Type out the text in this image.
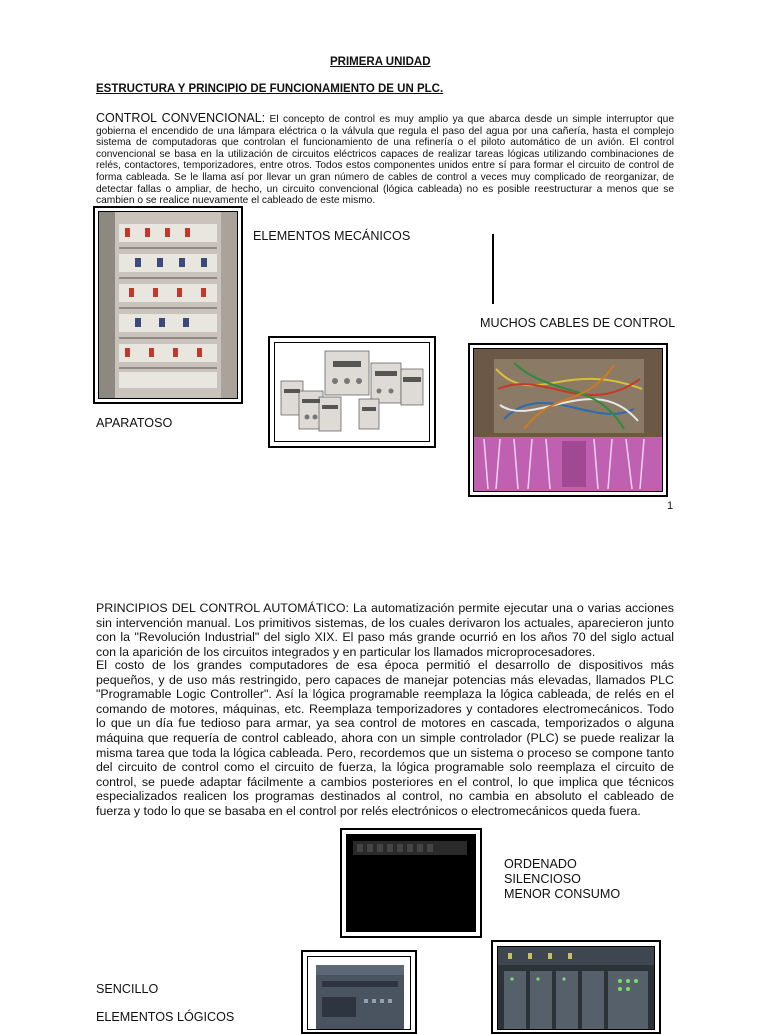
PRIMERA UNIDAD
ESTRUCTURA Y PRINCIPIO DE FUNCIONAMIENTO DE UN PLC.
CONTROL CONVENCIONAL: El concepto de control es muy amplio ya que abarca desde un simple interruptor que gobierna el encendido de una lámpara eléctrica o la válvula que regula el paso del agua por una cañería, hasta el complejo sistema de computadoras que controlan el funcionamiento de una refinería o el piloto automático de un avión. El control convencional se basa en la utilización de circuitos eléctricos capaces de realizar tareas lógicas utilizando combinaciones de relés, contactores, temporizadores, entre otros. Todos estos componentes unidos entre sí para formar el circuito de control de forma cableada. Se le llama así por llevar un gran número de cables de control a veces muy complicado de reorganizar, de detectar fallas o ampliar, de hecho, un circuito convencional (lógica cableada) no es posible reestructurar a menos que se cambien o se realice nuevamente el cableado de este mismo.
ELEMENTOS MECÁNICOS
MUCHOS CABLES DE CONTROL
APARATOSO
1
PRINCIPIOS DEL CONTROL AUTOMÁTICO: La automatización permite ejecutar una o varias acciones sin intervención manual. Los primitivos sistemas, de los cuales derivaron los actuales, aparecieron junto con la "Revolución Industrial" del siglo XIX. El paso más grande ocurrió en los años 70 del siglo actual con la aparición de los circuitos integrados y en particular los llamados microprocesadores.
El costo de los grandes computadores de esa época permitió el desarrollo de dispositivos más pequeños, y de uso más restringido, pero capaces de manejar potencias más elevadas, llamados PLC "Programable Logic Controller". Así la lógica programable reemplaza la lógica cableada, de relés en el comando de motores, máquinas, etc. Reemplaza temporizadores y contadores electromecánicos. Todo lo que un día fue tedioso para armar, ya sea control de motores en cascada, temporizados o alguna máquina que requería de control cableado, ahora con un simple controlador (PLC) se puede realizar la misma tarea que toda la lógica cableada. Pero, recordemos que un sistema o proceso se compone tanto del circuito de control como el circuito de fuerza, la lógica programable solo reemplaza el circuito de control, se puede adaptar fácilmente a cambios posteriores en el control, lo que implica que técnicos especializados realicen los programas destinados al control, no cambia en absoluto el cableado de fuerza y todo lo que se basaba en el control por relés electrónicos o electromecánicos queda fuera.
ORDENADO
SILENCIOSO
MENOR CONSUMO
SENCILLO
ELEMENTOS LÓGICOS
